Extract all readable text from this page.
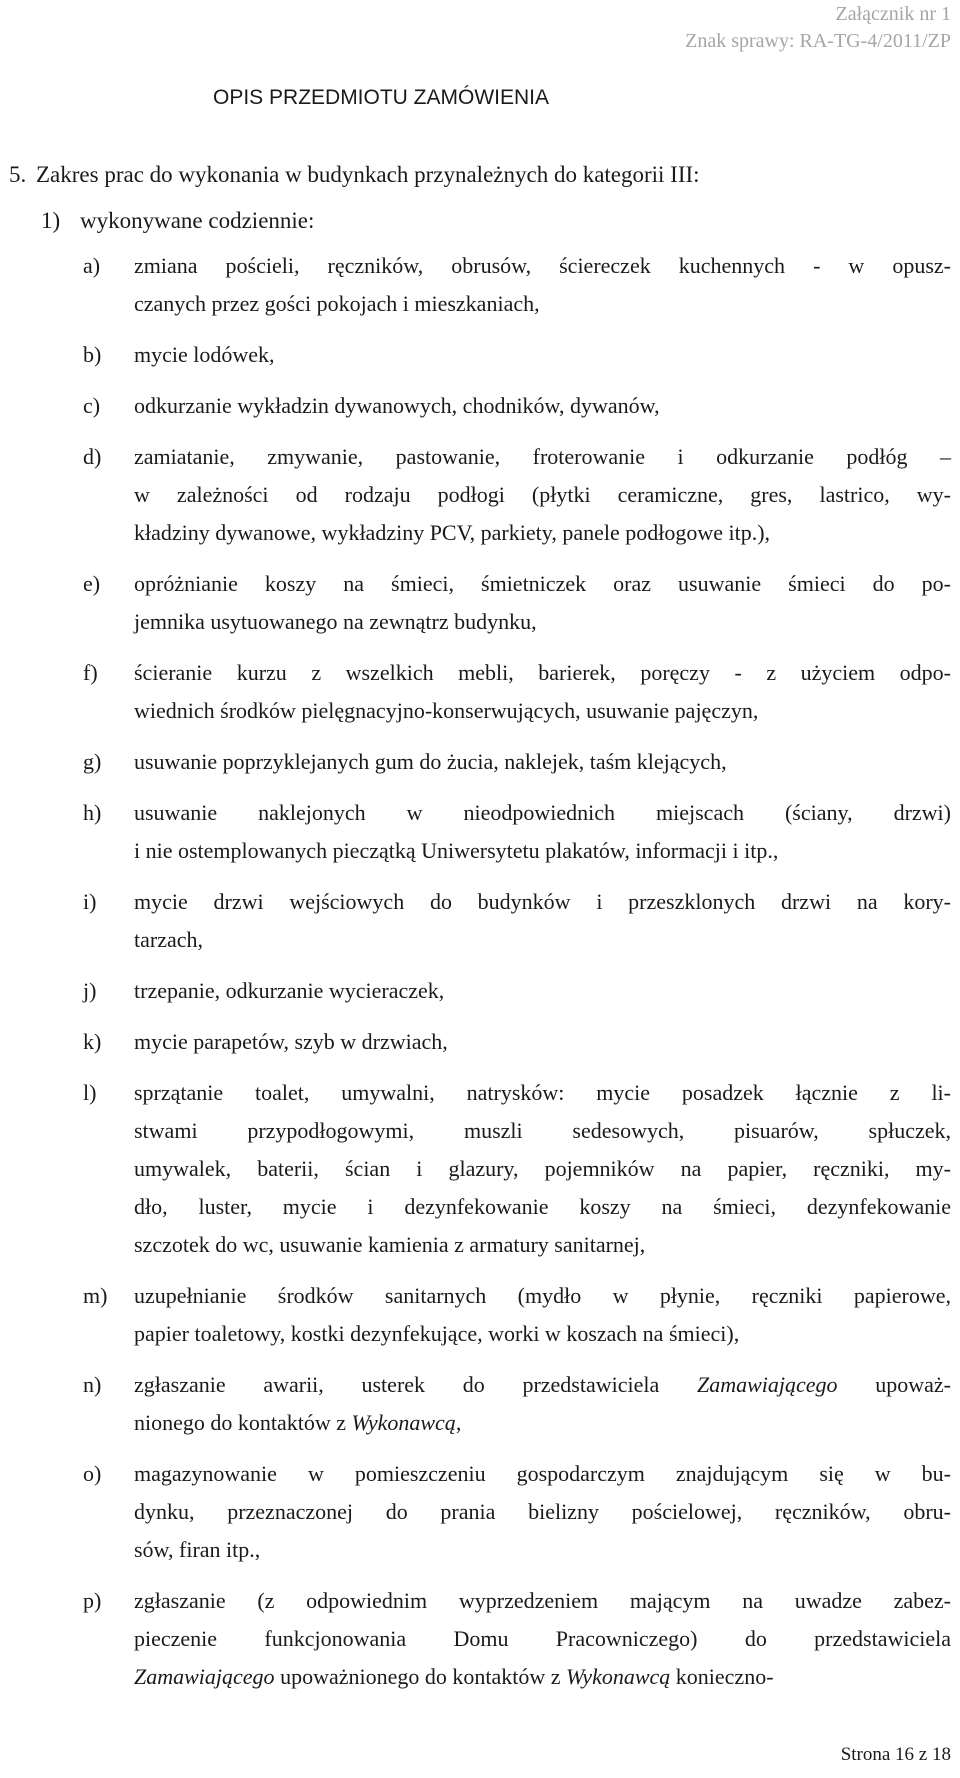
Załącznik nr 1
Znak sprawy: RA-TG-4/2011/ZP
OPIS PRZEDMIOTU ZAMÓWIENIA
5. Zakres prac do wykonania w budynkach przynależnych do kategorii III:
1) wykonywane codziennie:
a)	zmiana pościeli, ręczników, obrusów, ściereczek kuchennych - w opusz-
czanych przez gości pokojach i mieszkaniach,
b)	mycie lodówek,
c)	odkurzanie wykładzin dywanowych, chodników, dywanów,
d)	zamiatanie, zmywanie, pastowanie, froterowanie i odkurzanie podłóg –
w zależności od rodzaju podłogi (płytki ceramiczne, gres, lastrico, wy-
kładziny dywanowe, wykładziny PCV, parkiety, panele podłogowe itp.),
e)	opróżnianie koszy na śmieci, śmietniczek oraz usuwanie śmieci do po-
jemnika usytuowanego na zewnątrz budynku,
f)	ścieranie kurzu z wszelkich mebli, barierek, poręczy - z użyciem odpo-
wiednich środków pielęgnacyjno-konserwujących, usuwanie pajęczyn,
g)	usuwanie poprzyklejanych gum do żucia, naklejek, taśm klejących,
h)	usuwanie naklejonych w nieodpowiednich miejscach (ściany, drzwi)
i nie ostemplowanych pieczątką Uniwersytetu plakatów, informacji i itp.,
i)	mycie drzwi wejściowych do budynków i przeszklonych drzwi na kory-
tarzach,
j)	trzepanie, odkurzanie wycieraczek,
k)	mycie parapetów, szyb w drzwiach,
l)	sprzątanie toalet, umywalni, natrysków: mycie posadzek łącznie z li-
stwami przypodłogowymi, muszli sedesowych, pisuarów, spłuczek,
umywalek, baterii, ścian i glazury, pojemników na papier, ręczniki, my-
dło, luster, mycie i dezynfekowanie koszy na śmieci, dezynfekowanie
szczotek do wc, usuwanie kamienia z armatury sanitarnej,
m)	uzupełnianie środków sanitarnych (mydło w płynie, ręczniki papierowe,
papier toaletowy, kostki dezynfekujące, worki w koszach na śmieci),
n)	zgłaszanie awarii, usterek do przedstawiciela Zamawiającego upoważ-
nionego do kontaktów z Wykonawcą,
o)	magazynowanie w pomieszczeniu gospodarczym znajdującym się w bu-
dynku, przeznaczonej do prania bielizny pościelowej, ręczników, obru-
sów, firan itp.,
p)	zgłaszanie (z odpowiednim wyprzedzeniem mającym na uwadze zabez-
pieczenie funkcjonowania Domu Pracowniczego) do przedstawiciela
Zamawiającego upoważnionego do kontaktów z Wykonawcą konieczno-
Strona 16 z 18
